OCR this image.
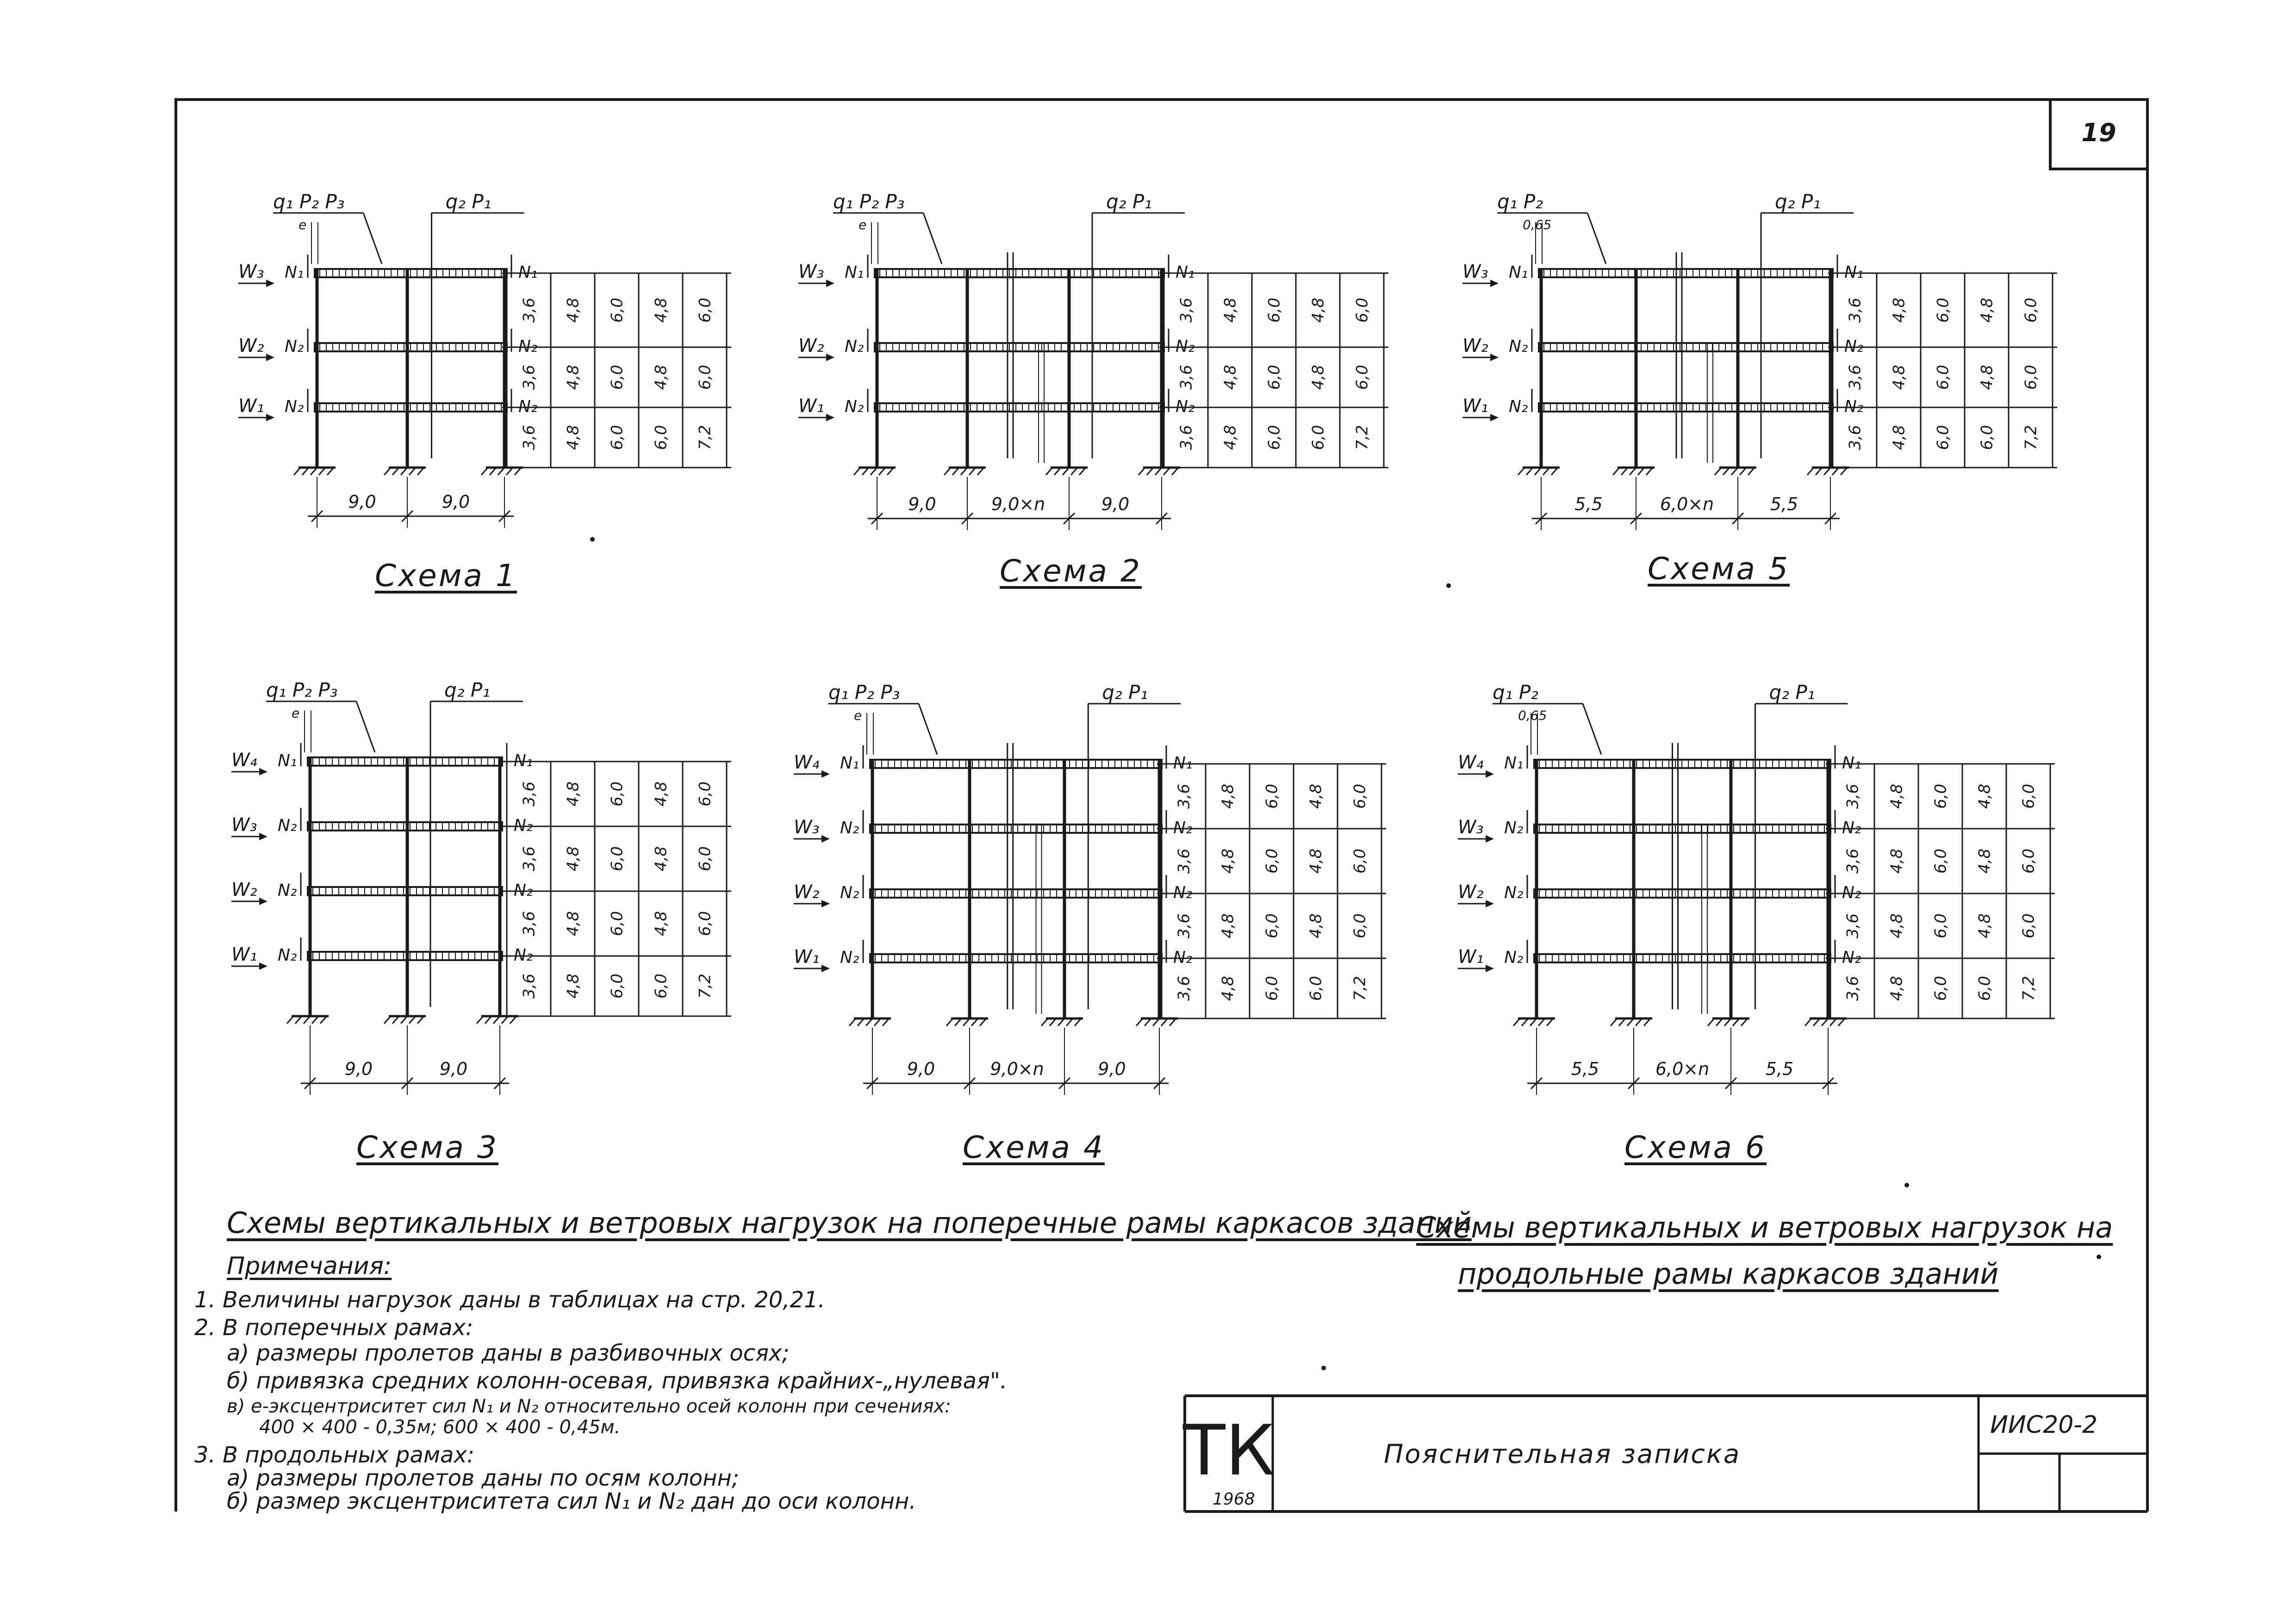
19
ТК
1968
Пояснительная записка
ИИС20-2
q₁ P₂ P₃
е
q₂ P₁
W₃ N₁	N₁
W₂ N₂	N₂
W₁ N₂	N₂
3,6 4,8 6,0 4,8 6,0
3,6 4,8 6,0 4,8 6,0
3,6 4,8 6,0 6,0 7,2
9,0	9,0
q₁ P₂ P₃
е
q₂ P₁
W₃ N₁	N₁
W₂ N₂	N₂
W₁ N₂	N₂
3,6 4,8 6,0 4,8 6,0
3,6 4,8 6,0 4,8 6,0
3,6 4,8 6,0 6,0 7,2
9,0	9,0×n	9,0
q₁ P₂
0,65
q₂ P₁
W₃ N₁	N₁
W₂ N₂	N₂
W₁ N₂	N₂
3,6 4,8 6,0 4,8 6,0
3,6 4,8 6,0 4,8 6,0
3,6 4,8 6,0 6,0 7,2
5,5	6,0×n	5,5
q₁ P₂ P₃
е
q₂ P₁
W₄ N₁	N₁
W₃ N₂	N₂
W₂ N₂	N₂
W₁ N₂	N₂
3,6 4,8 6,0 4,8 6,0
3,6 4,8 6,0 4,8 6,0
3,6 4,8 6,0 4,8 6,0
3,6 4,8 6,0 6,0 7,2
9,0	9,0
q₁ P₂ P₃
е
q₂ P₁
W₄ N₁	N₁
W₃ N₂	N₂
W₂ N₂	N₂
W₁ N₂	N₂
3,6 4,8 6,0 4,8 6,0
3,6 4,8 6,0 4,8 6,0
3,6 4,8 6,0 4,8 6,0
3,6 4,8 6,0 6,0 7,2
9,0	9,0×n	9,0
q₁ P₂
0,65
q₂ P₁
W₄ N₁	N₁
W₃ N₂	N₂
W₂ N₂	N₂
W₁ N₂	N₂
3,6 4,8 6,0 4,8 6,0
3,6 4,8 6,0 4,8 6,0
3,6 4,8 6,0 4,8 6,0
3,6 4,8 6,0 6,0 7,2
5,5	6,0×n	5,5
Схема 1	Схема 2	Схема 5
Схема 3	Схема 4	Схема 6
Схемы вертикальных и ветровых нагрузок на поперечные рамы каркасов зданий
Схемы вертикальных и ветровых нагрузок на
продольные рамы каркасов зданий
Примечания:
1. Величины нагрузок даны в таблицах на стр. 20,21.
2. В поперечных рамах:
а) размеры пролетов даны в разбивочных осях;
б) привязка средних колонн-осевая, привязка крайних-„нулевая".
в) е-эксцентриситет сил N₁ и N₂ относительно осей колонн при сечениях:
400 × 400 - 0,35м; 600 × 400 - 0,45м.
3. В продольных рамах:
а) размеры пролетов даны по осям колонн;
б) размер эксцентриситета сил N₁ и N₂ дан до оси колонн.
